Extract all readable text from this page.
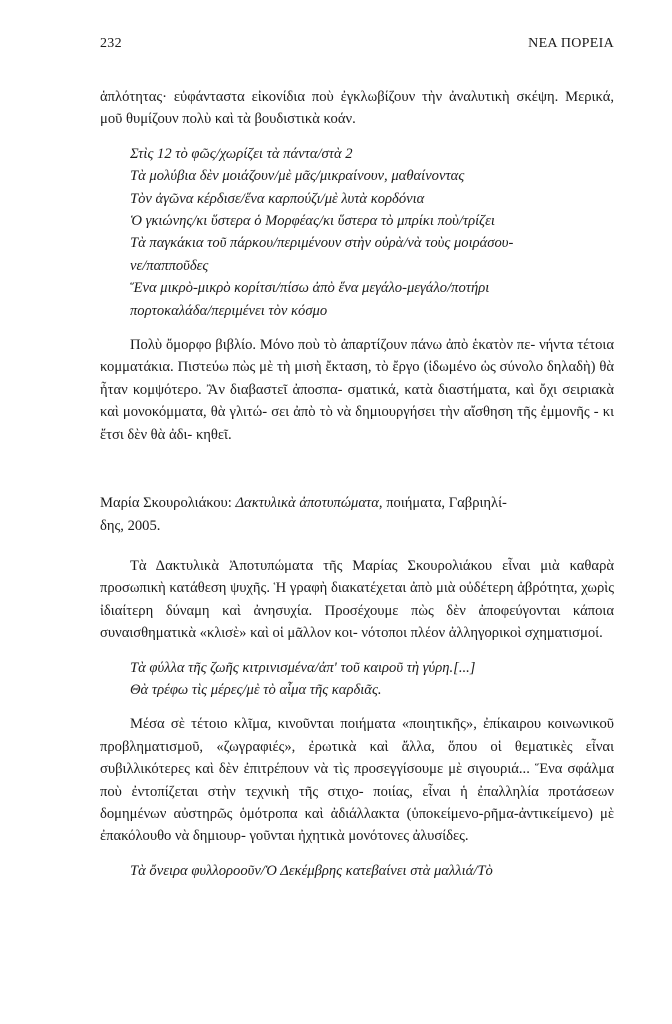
232	ΝΕΑ ΠΟΡΕΙΑ

ἁπλότητας· εὐφάνταστα εἰκονίδια ποὺ ἐγκλωβίζουν τὴν ἀναλυτικὴ σκέψη. Μερικά, μοῦ θυμίζουν πολὺ καὶ τὰ βουδιστικὰ κοάν.

Στὶς 12 τὸ φῶς/χωρίζει τὰ πάντα/στὰ 2
Τὰ μολύβια δὲν μοιάζουν/μὲ μᾶς/μικραίνουν, μαθαίνοντας
Τὸν ἀγῶνα κέρδισε/ἕνα καρπούζι/μὲ λυτὰ κορδόνια
Ὁ γκιώνης/κι ὕστερα ὁ Μορφέας/κι ὕστερα τὸ μπρίκι ποὺ/τρίζει
Τὰ παγκάκια τοῦ πάρκου/περιμένουν στὴν οὐρὰ/νὰ τοὺς μοιράσου-
νε/παπποῦδες
Ἕνα μικρὸ-μικρὸ κορίτσι/πίσω ἀπὸ ἕνα μεγάλο-μεγάλο/ποτήρι
πορτοκαλάδα/περιμένει τὸν κόσμο

Πολὺ ὄμορφο βιβλίο. Μόνο ποὺ τὸ ἀπαρτίζουν πάνω ἀπὸ ἑκατὸν πε- νήντα τέτοια κομματάκια. Πιστεύω πὼς μὲ τὴ μισὴ ἔκταση, τὸ ἔργο (ἰδωμένο ὡς σύνολο δηλαδὴ) θὰ ἦταν κομψότερο. Ἂν διαβαστεῖ ἀποσπα- σματικά, κατὰ διαστήματα, καὶ ὄχι σειριακὰ καὶ μονοκόμματα, θὰ γλιτώ- σει ἀπὸ τὸ νὰ δημιουργήσει τὴν αἴσθηση τῆς ἐμμονῆς - κι ἔτσι δὲν θὰ ἀδι- κηθεῖ.

Μαρία Σκουρολιάκου: Δακτυλικὰ ἀποτυπώματα, ποιήματα, Γαβριηλί-
δης, 2005.

Τὰ Δακτυλικὰ Ἀποτυπώματα τῆς Μαρίας Σκουρολιάκου εἶναι μιὰ καθαρὰ προσωπικὴ κατάθεση ψυχῆς. Ἡ γραφὴ διακατέχεται ἀπὸ μιὰ οὐδέτερη ἀβρότητα, χωρὶς ἰδιαίτερη δύναμη καὶ ἀνησυχία. Προσέχουμε πὼς δὲν ἀποφεύγονται κάποια συναισθηματικὰ «κλισὲ» καὶ οἱ μᾶλλον κοι- νότοποι πλέον ἀλληγορικοὶ σχηματισμοί.

Τὰ φύλλα τῆς ζωῆς κιτρινισμένα/ἀπ' τοῦ καιροῦ τὴ γύρη.[...]
Θὰ τρέφω τὶς μέρες/μὲ τὸ αἷμα τῆς καρδιᾶς.

Μέσα σὲ τέτοιο κλῖμα, κινοῦνται ποιήματα «ποιητικῆς», ἐπίκαιρου κοινωνικοῦ προβληματισμοῦ, «ζωγραφιές», ἐρωτικὰ καὶ ἄλλα, ὅπου οἱ θεματικὲς εἶναι συβιλλικότερες καὶ δὲν ἐπιτρέπουν νὰ τὶς προσεγγίσουμε μὲ σιγουριά... Ἕνα σφάλμα ποὺ ἐντοπίζεται στὴν τεχνικὴ τῆς στιχο- ποιίας, εἶναι ἡ ἐπαλληλία προτάσεων δομημένων αὐστηρῶς ὁμότροπα καὶ ἀδιάλλακτα (ὑποκείμενο-ρῆμα-ἀντικείμενο) μὲ ἐπακόλουθο νὰ δημιουρ- γοῦνται ἠχητικὰ μονότονες ἀλυσίδες.

Τὰ ὄνειρα φυλλοροοῦν/Ὁ Δεκέμβρης κατεβαίνει στὰ μαλλιά/Τὸ
